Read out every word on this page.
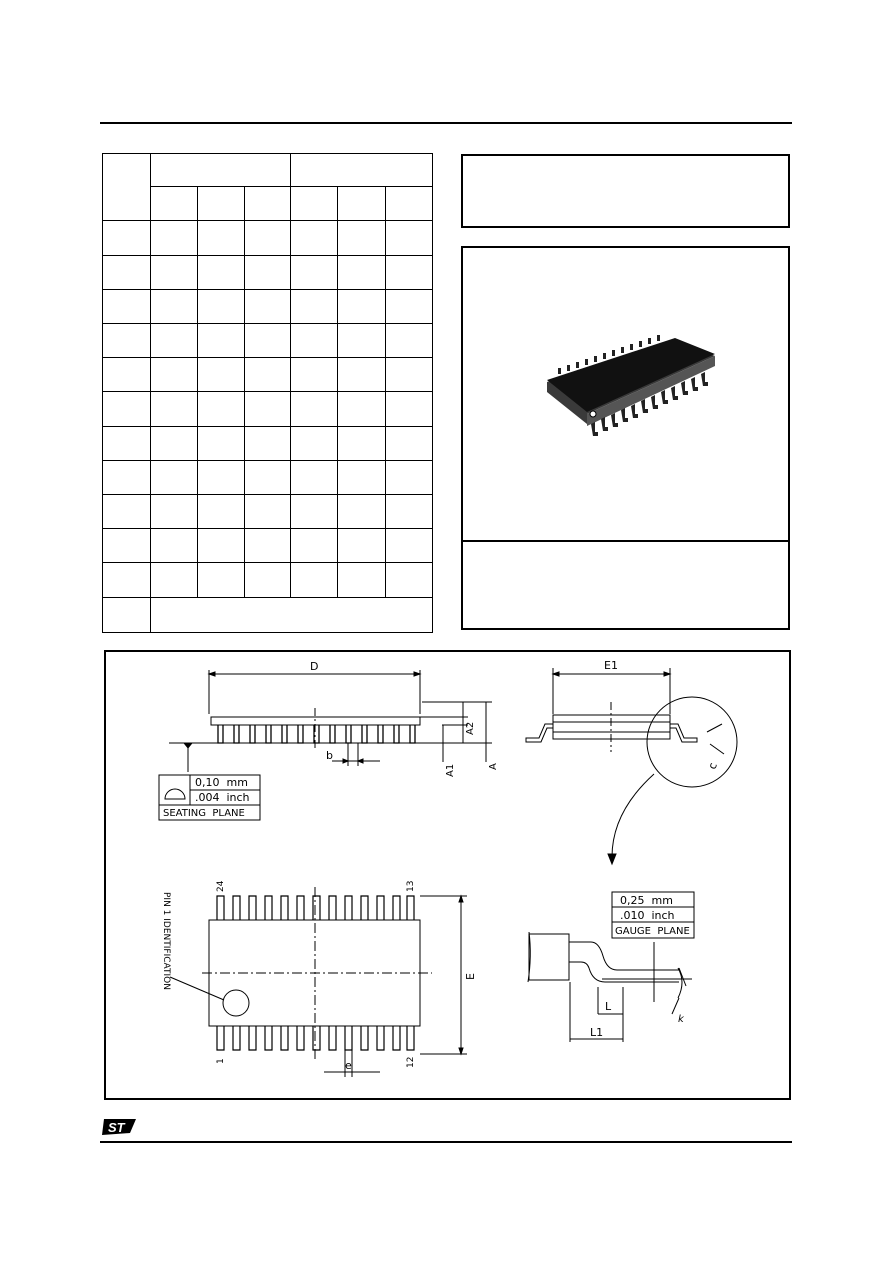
D
A2
A1	A
b
0,10  mm
.004  inch
SEATING  PLANE
E1
c
24	13
1	12
PIN 1 IDENTIFICATION	E
e
0,25  mm
.010  inch
GAUGE  PLANE
L
L1
k
ST
